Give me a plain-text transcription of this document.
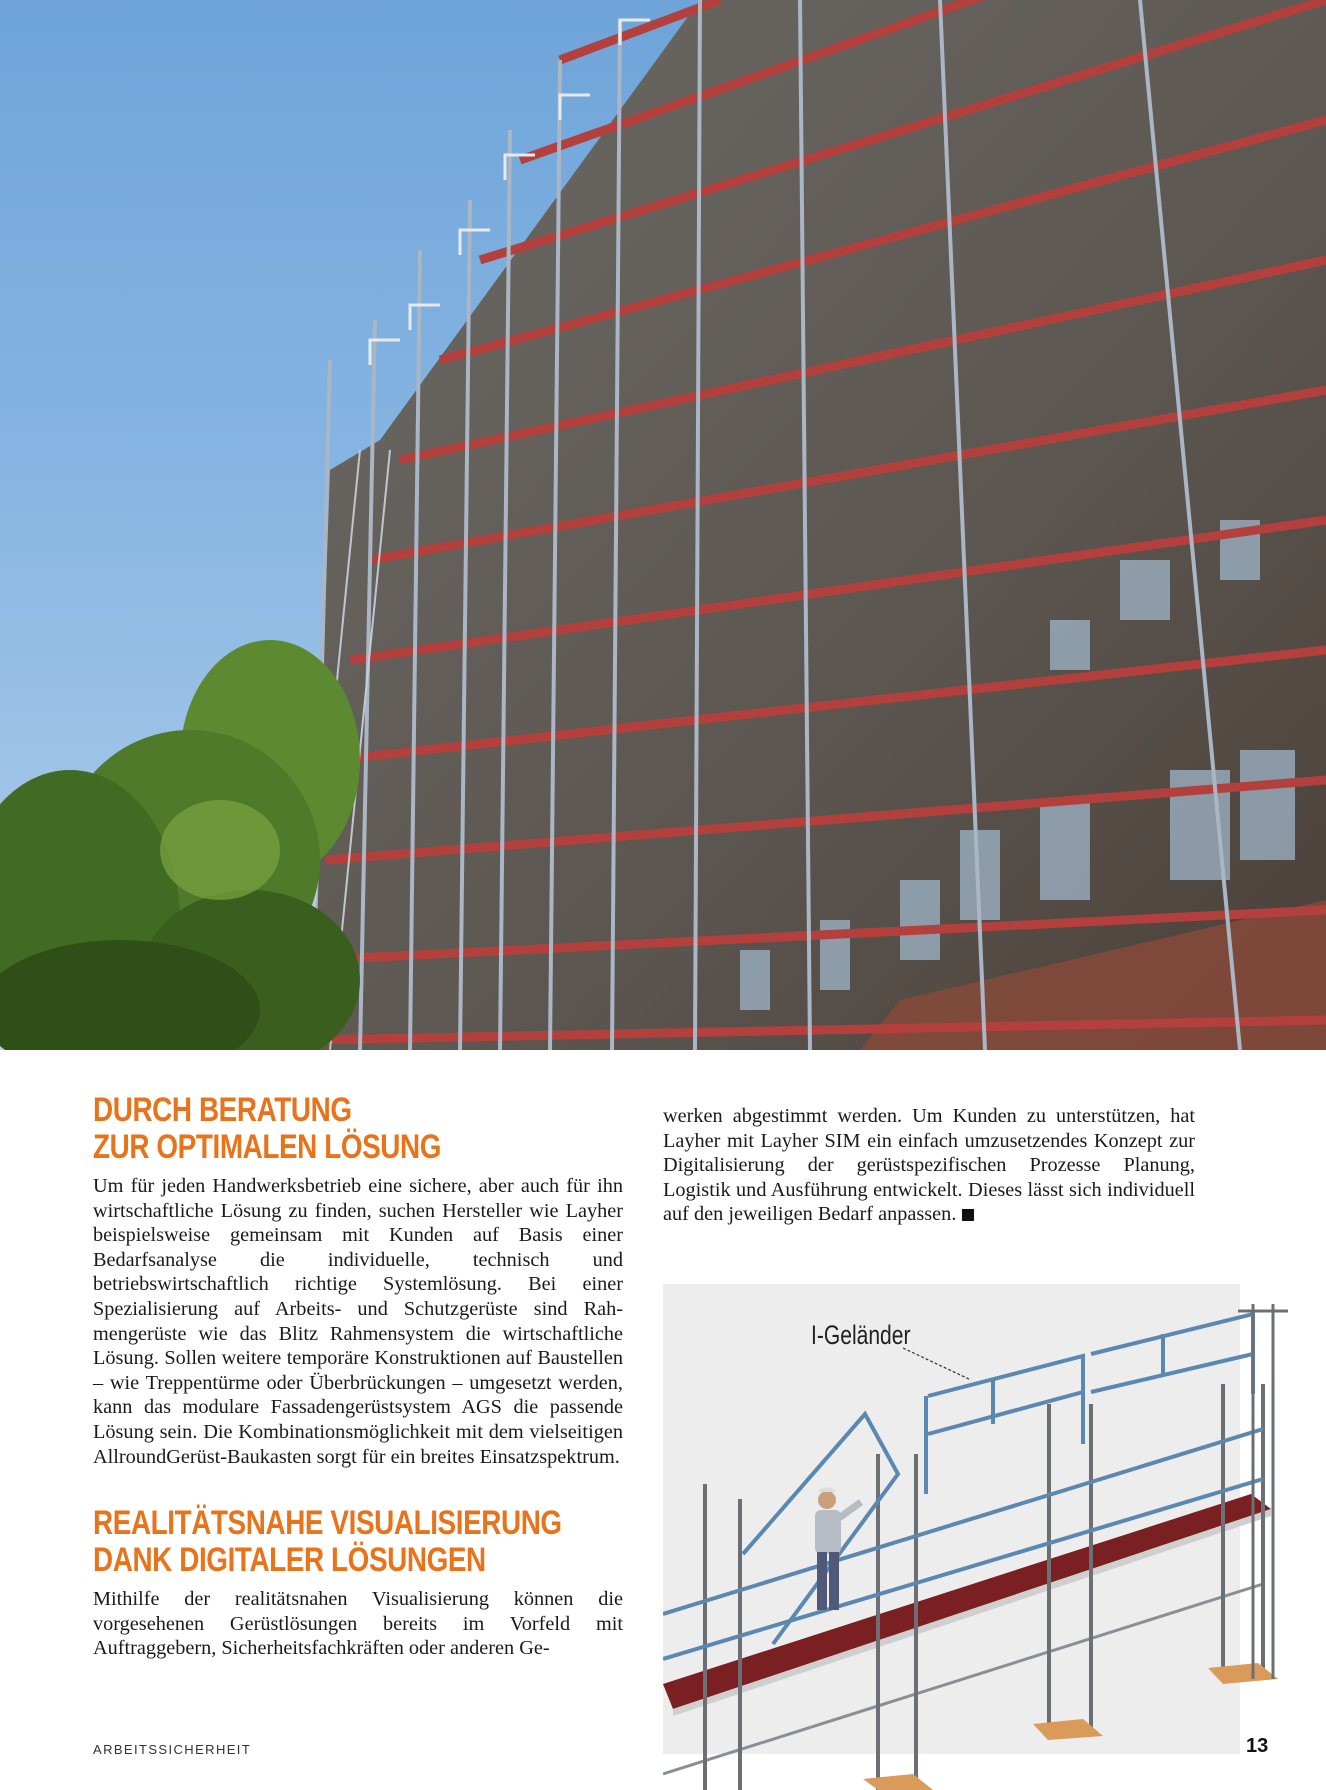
DURCH BERATUNG
ZUR OPTIMALEN LÖSUNG

Um für jeden Handwerksbetrieb eine sichere, aber auch für ihn wirtschaftliche Lösung zu finden, suchen Hersteller wie Layher beispielsweise gemeinsam mit Kunden auf Basis einer Bedarfsanalyse die individuelle, technisch und betriebswirtschaftlich richtige Systemlösung. Bei einer Spezialisierung auf Arbeits- und Schutzgerüste sind Rahmengerüste wie das Blitz Rahmensystem die wirtschaftliche Lösung. Sollen weitere temporäre Konstruktionen auf Baustellen – wie Treppentürme oder Überbrückungen – umgesetzt werden, kann das modulare Fassadengerüstsystem AGS die passende Lösung sein. Die Kombinationsmöglichkeit mit dem vielseitigen AllroundGerüst-Baukasten sorgt für ein breites Einsatzspektrum.

REALITÄTSNAHE VISUALISIERUNG
DANK DIGITALER LÖSUNGEN

Mithilfe der realitätsnahen Visualisierung können die vorgesehenen Gerüstlösungen bereits im Vorfeld mit Auftraggebern, Sicherheitsfachkräften oder anderen Ge-

werken abgestimmt werden. Um Kunden zu unterstützen, hat Layher mit Layher SIM ein einfach umzusetzendes Konzept zur Digitalisierung der gerüstspezifischen Prozesse Planung, Logistik und Ausführung entwickelt. Dieses lässt sich individuell auf den jeweiligen Bedarf anpassen.

I-Geländer
ARBEITSSICHERHEIT	13
